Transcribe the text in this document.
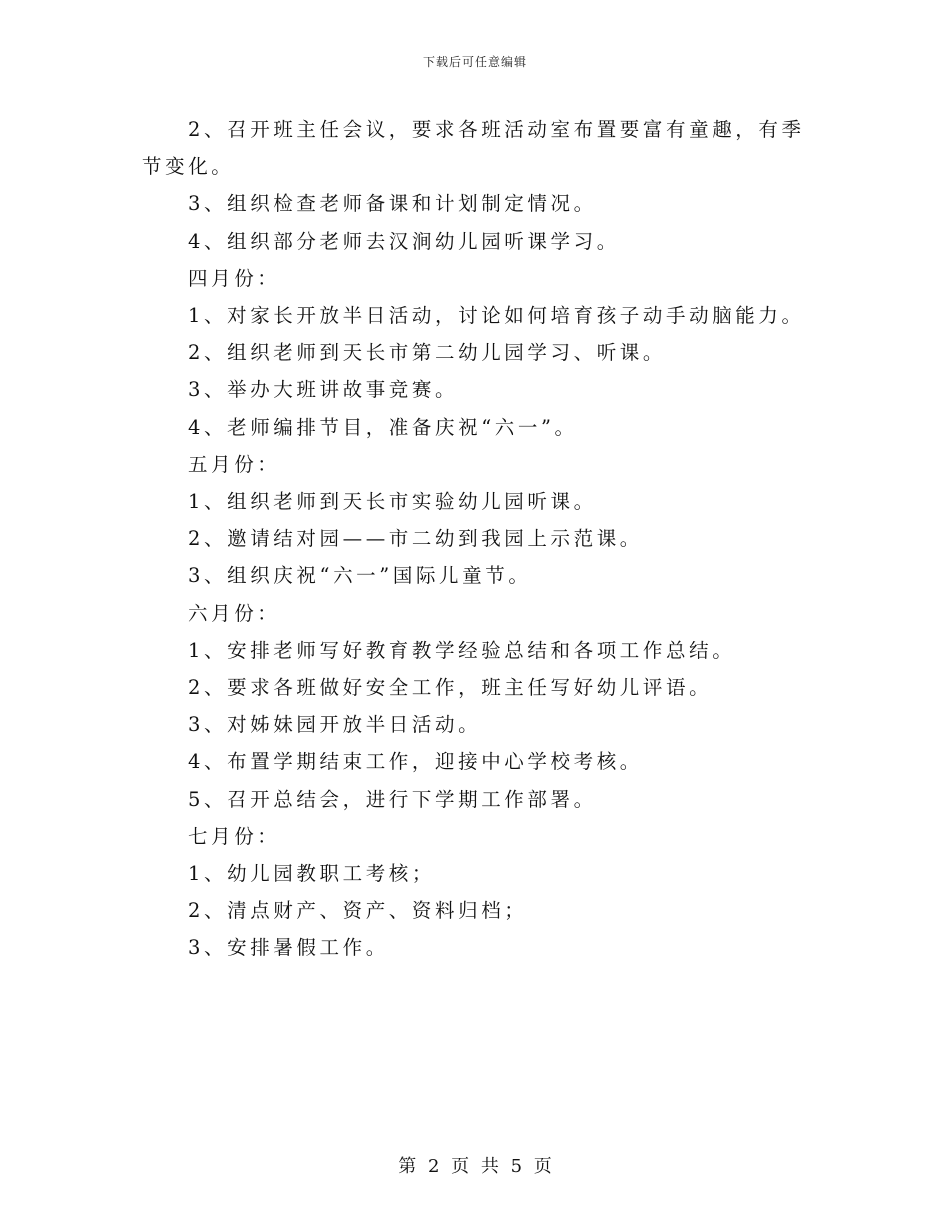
下载后可任意编辑

2、召开班主任会议，要求各班活动室布置要富有童趣，有季节变化。

3、组织检查老师备课和计划制定情况。

4、组织部分老师去汉涧幼儿园听课学习。

四月份：

1、对家长开放半日活动，讨论如何培育孩子动手动脑能力。

2、组织老师到天长市第二幼儿园学习、听课。

3、举办大班讲故事竞赛。

4、老师编排节目，准备庆祝“六一”。

五月份：

1、组织老师到天长市实验幼儿园听课。

2、邀请结对园——市二幼到我园上示范课。

3、组织庆祝“六一”国际儿童节。

六月份：

1、安排老师写好教育教学经验总结和各项工作总结。

2、要求各班做好安全工作，班主任写好幼儿评语。

3、对姊妹园开放半日活动。

4、布置学期结束工作，迎接中心学校考核。

5、召开总结会，进行下学期工作部署。

七月份：

1、幼儿园教职工考核；

2、清点财产、资产、资料归档；

3、安排暑假工作。

第 2 页 共 5 页
